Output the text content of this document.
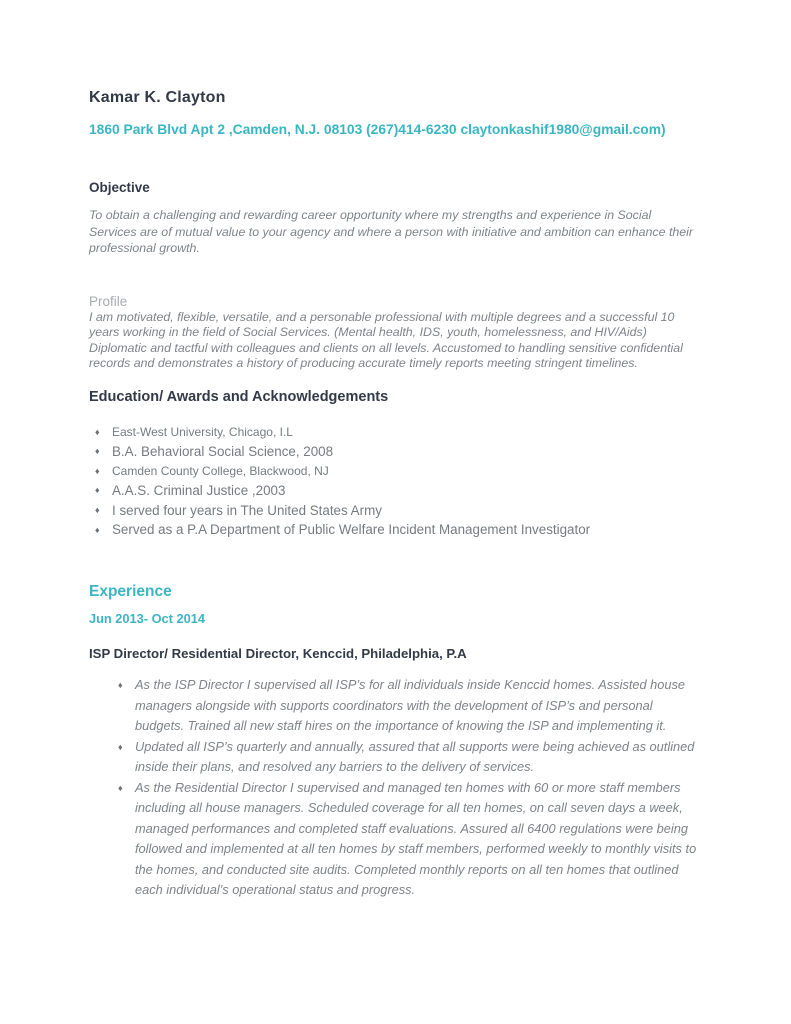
Kamar K. Clayton

1860 Park Blvd Apt 2 ,Camden, N.J. 08103 (267)414-6230 claytonkashif1980@gmail.com)

Objective

To obtain a challenging and rewarding career opportunity where my strengths and experience in Social Services are of mutual value to your agency and where a person with initiative and ambition can enhance their professional growth.

Profile

I am motivated, flexible, versatile, and a personable professional with multiple degrees and a successful 10 years working in the field of Social Services. (Mental health, IDS, youth, homelessness, and HIV/Aids) Diplomatic and tactful with colleagues and clients on all levels. Accustomed to handling sensitive confidential records and demonstrates a history of producing accurate timely reports meeting stringent timelines.

Education/ Awards and Acknowledgements
♦	East-West University, Chicago, I.L
♦ B.A. Behavioral Social Science, 2008
♦	Camden County College, Blackwood, NJ
♦ A.A.S. Criminal Justice ,2003
♦ I served four years in The United States Army
♦ Served as a P.A Department of Public Welfare Incident Management Investigator
Experience

Jun 2013- Oct 2014

ISP Director/ Residential Director, Kenccid, Philadelphia, P.A
♦ As the ISP Director I supervised all ISP’s for all individuals inside Kenccid homes. Assisted house managers alongside with supports coordinators with the development of ISP’s and personal budgets. Trained all new staff hires on the importance of knowing the ISP and implementing it.
♦ Updated all ISP’s quarterly and annually, assured that all supports were being achieved as outlined inside their plans, and resolved any barriers to the delivery of services.
♦ As the Residential Director I supervised and managed ten homes with 60 or more staff members including all house managers. Scheduled coverage for all ten homes, on call seven days a week, managed performances and completed staff evaluations. Assured all 6400 regulations were being followed and implemented at all ten homes by staff members, performed weekly to monthly visits to the homes, and conducted site audits. Completed monthly reports on all ten homes that outlined each individual’s operational status and progress.
